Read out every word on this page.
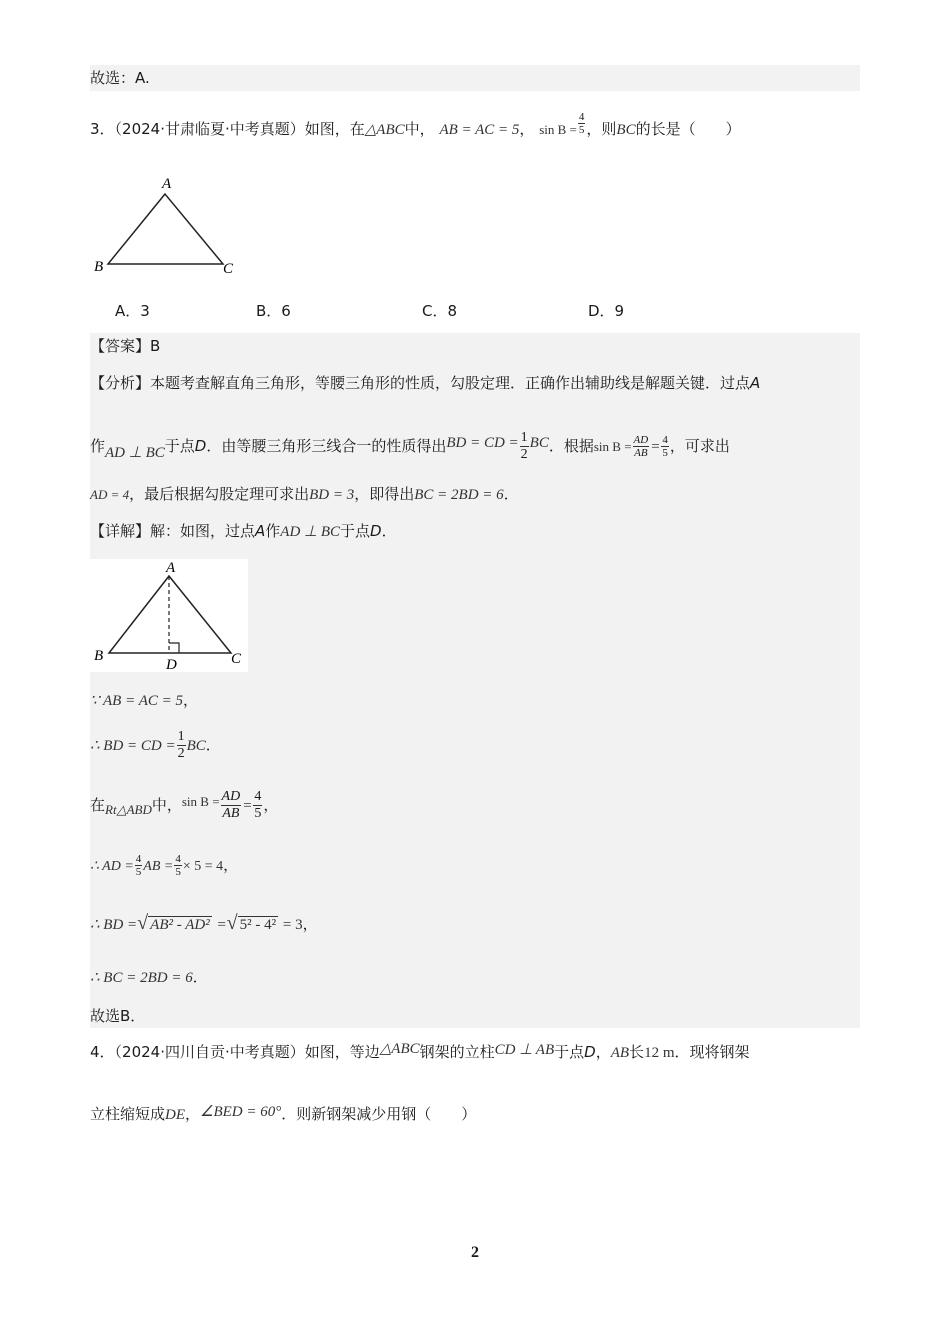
故选：A.
3．（2024·甘肃临夏·中考真题）如图，在△ABC中， AB = AC = 5， $\sin B = \frac{4}{5}$ ，则BC的长是（　　）
A
B	C
A．3	B．6	C．8	D．9
【答案】B
【分析】本题考查解直角三角形，等腰三角形的性质，勾股定理．正确作出辅助线是解题关键．过点A
作AD ⊥ BC于点D．由等腰三角形三线合一的性质得出BD = CD = $\frac{1}{2}$ BC．根据$\sin B = \frac{AD}{AB} = \frac{4}{5}$ ，可求出
AD = 4，最后根据勾股定理可求出BD = 3，即得出BC = 2BD = 6．
【详解】解：如图，过点A作AD ⊥ BC于点D．
A
B	C
D
∵ AB = AC = 5，
∴ BD = CD = $\frac{1}{2}$ BC．
在Rt△ABD中，$\sin B = \frac{AD}{AB} = \frac{4}{5}$ ，
∴ AD = $\frac{4}{5}$ AB = $\frac{4}{5} \times 5 = 4$，
∴ BD =√ AB² - AD² =√ 5² - 4² = 3，
∴ BC = 2BD = 6．
故选B．
4．（2024·四川自贡·中考真题）如图，等边△ABC钢架的立柱CD ⊥ AB于点D，AB长12 m．现将钢架
立柱缩短成DE，∠BED = 60°．则新钢架减少用钢（　　）
2
